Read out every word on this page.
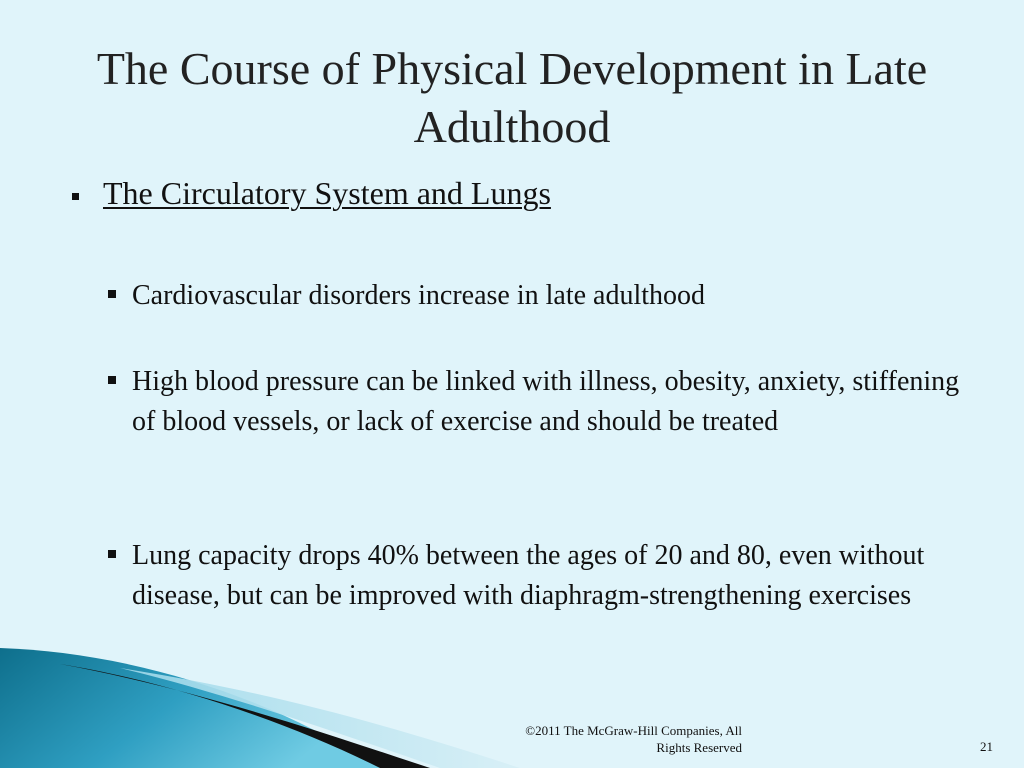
The Course of Physical Development in Late Adulthood
The Circulatory System and Lungs
Cardiovascular disorders increase in late adulthood
High blood pressure can be linked with illness, obesity, anxiety, stiffening of blood vessels, or lack of exercise and should be treated
Lung capacity drops 40% between the ages of 20 and 80, even without disease, but can be improved with diaphragm-strengthening exercises
©2011 The McGraw-Hill Companies, All Rights Reserved	21
